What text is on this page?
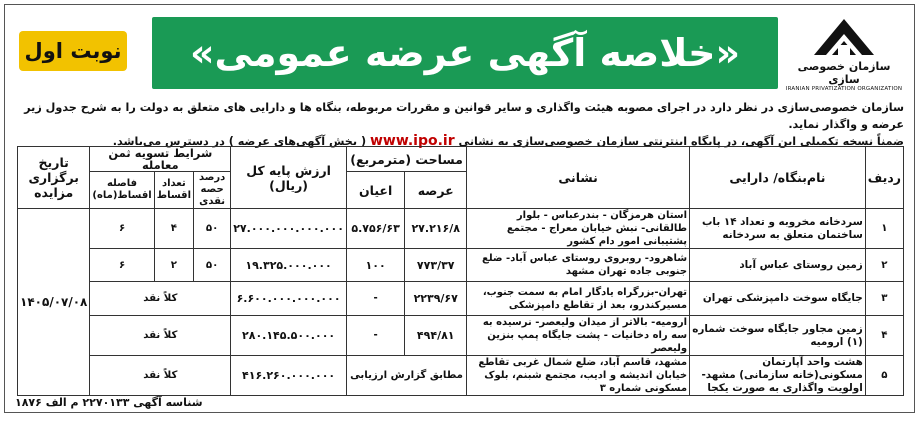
سازمان خصوصی سازی
IRANIAN PRIVATIZATION ORGANIZATION
«خلاصه آگهی عرضه عمومی»
نوبت اول
سازمان خصوصی‌سازی در نظر دارد در اجرای مصوبه هیئت واگذاری و سایر قوانین و مقررات مربوطه، بنگاه ها و دارایی های متعلق به دولت را به شرح جدول زیر عرضه و واگذار نماید.
ضمناً نسخه تکمیلی این آگهی، در پایگاه اینترنتی سازمان خصوصی‌سازی به نشانی www.ipo.ir ( بخش آگهی‌های عرضه ) در دسترس می‌باشد.
ردیف	نام‌بنگاه/ دارایی	نشانی	مساحت (مترمربع)		ارزش پایه کل (ریال)	شرایط تسویه ثمن معامله			تاریخ برگزاری مزایده
			عرصه	اعیان		درصد حصه نقدی	تعداد اقساط	فاصله اقساط(ماه)	
۱	سردخانه مخروبه و تعداد ۱۴ باب ساختمان متعلق به سردخانه	استان هرمزگان - بندرعباس - بلوار طالقانی- نبش خیابان معراج - مجتمع پشتیبانی امور دام کشور	۲۷.۲۱۶/۸	۵.۷۵۶/۶۳	۲۷.۰۰۰.۰۰۰.۰۰۰.۰۰۰	۵۰	۴	۶	۱۴۰۵/۰۷/۰۸
۲	زمین روستای عباس آباد	شاهرود- روبروی روستای عباس آباد- ضلع جنوبی جاده تهران مشهد	۷۷۳/۳۷	۱۰۰	۱۹.۳۲۵.۰۰۰.۰۰۰	۵۰	۲	۶	
۳	جایگاه سوخت دامپزشکی تهران	تهران-بزرگراه یادگار امام به سمت جنوب، مسیرکندرو، بعد از تقاطع دامپزشکی	۲۲۳۹/۶۷	-	۶.۶۰۰.۰۰۰.۰۰۰.۰۰۰	کلاً نقد			
۴	زمین مجاور جایگاه سوخت شماره (۱) ارومیه	ارومیه- بالاتر از میدان ولیعصر- نرسیده به سه راه دخانیات - پشت جایگاه پمپ بنزین ولیعصر	۴۹۴/۸۱	-	۲۸۰.۱۴۵.۵۰۰.۰۰۰	کلاً نقد			
۵	هشت واحد آپارتمان مسکونی(خانه سازمانی) مشهد- اولویت واگذاری به صورت یکجا	مشهد، قاسم آباد، ضلع شمال غربی تقاطع خیابان اندیشه و ادیب، مجتمع شبنم، بلوک مسکونی شماره ۳	مطابق گزارش ارزیابی		۴۱۶.۲۶۰.۰۰۰.۰۰۰	کلاً نقد			
شناسه آگهی ۲۲۷۰۱۳۳ م الف ۱۸۷۶
